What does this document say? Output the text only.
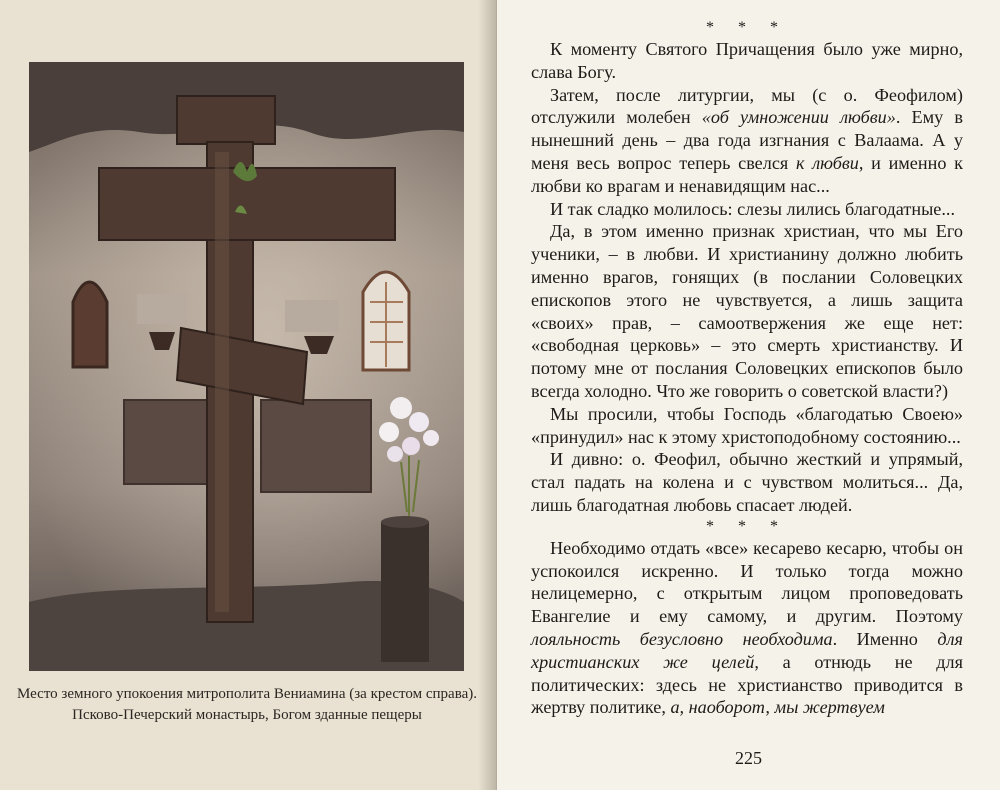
Место земного упокоения митрополита Вениамина (за крестом справа).
Псково-Печерский монастырь, Богом зданные пещеры

* * *

К моменту Святого Причащения было уже мирно, слава Богу.

Затем, после литургии, мы (с о. Феофилом) отслужили молебен «об умножении любви». Ему в нынешний день – два года изгнания с Валаама. А у меня весь вопрос теперь свелся к любви, и именно к любви ко врагам и ненавидящим нас...

И так сладко молилось: слезы лились благодатные...

Да, в этом именно признак христиан, что мы Его ученики, – в любви. И христианину должно любить именно врагов, гонящих (в послании Соловецких епископов этого не чувствуется, а лишь защита «своих» прав, – самоотвержения же еще нет: «свободная церковь» – это смерть христианству. И потому мне от послания Соловецких епископов было всегда холодно. Что же говорить о советской власти?)

Мы просили, чтобы Господь «благодатью Своею» «принудил» нас к этому христоподобному состоянию...

И дивно: о. Феофил, обычно жесткий и упрямый, стал падать на колена и с чувством молиться... Да, лишь благодатная любовь спасает людей.

* * *

Необходимо отдать «все» кесарево кесарю, чтобы он успокоился искренно. И только тогда можно нелицемерно, с открытым лицом проповедовать Евангелие и ему самому, и другим. Поэтому лояльность безусловно необходима. Именно для христианских же целей, а отнюдь не для политических: здесь не христианство приводится в жертву политике, а, наоборот, мы жертвуем

225
